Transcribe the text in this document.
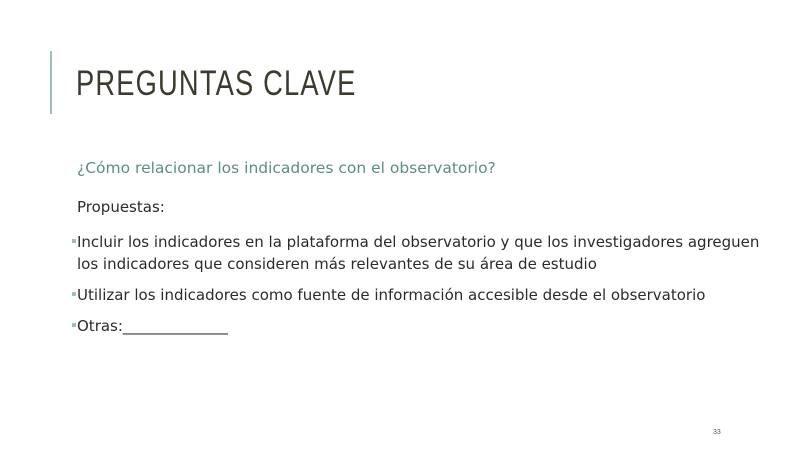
PREGUNTAS CLAVE

¿Cómo relacionar los indicadores con el observatorio?

Propuestas:

Incluir los indicadores en la plataforma del observatorio y que los investigadores agreguen los indicadores que consideren más relevantes de su área de estudio
Utilizar los indicadores como fuente de información accesible desde el observatorio
Otras:______________
33
